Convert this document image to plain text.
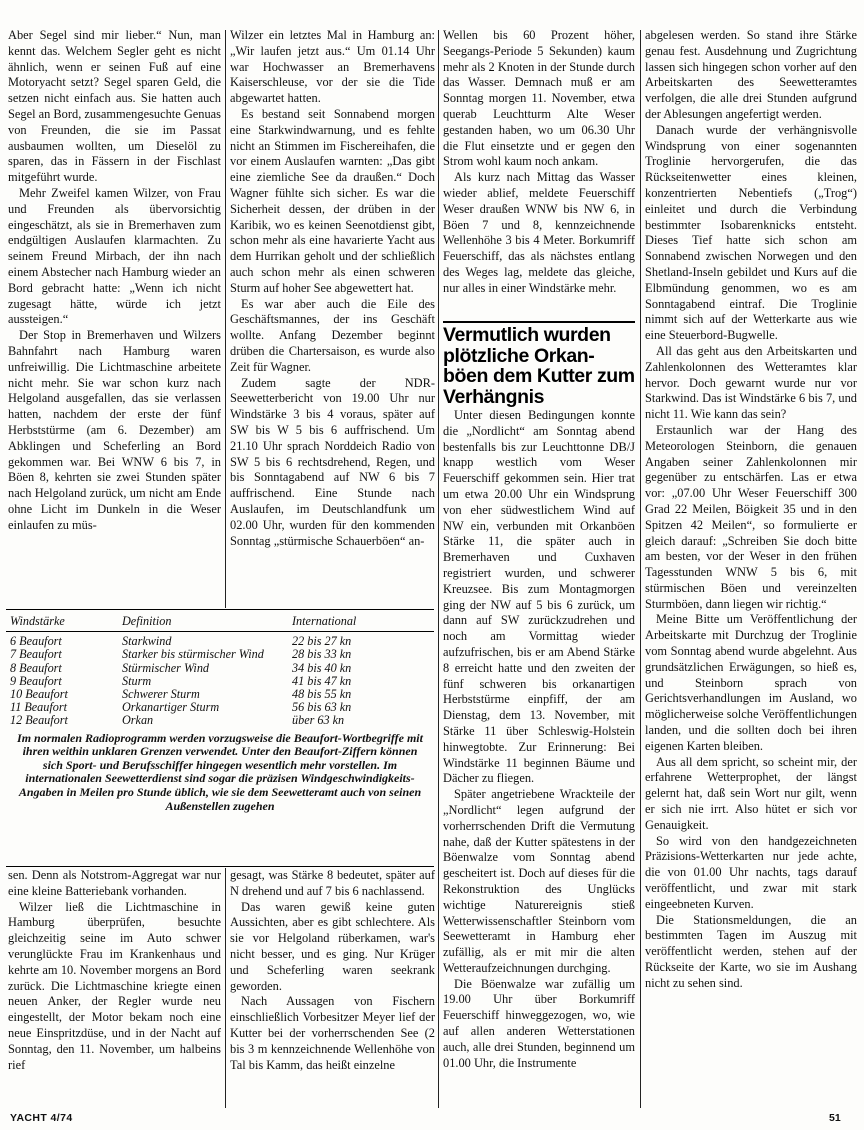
Aber Segel sind mir lieber.“ Nun, man kennt das. Welchem Segler geht es nicht ähnlich, wenn er seinen Fuß auf eine Motoryacht setzt? Segel sparen Geld, die setzen nicht einfach aus. Sie hatten auch Segel an Bord, zusammengesuchte Genuas von Freunden, die sie im Passat ausbaumen wollten, um Dieselöl zu sparen, das in Fässern in der Fischlast mitgeführt wurde.

Mehr Zweifel kamen Wilzer, von Frau und Freunden als übervorsichtig eingeschätzt, als sie in Bremerhaven zum endgültigen Auslaufen klarmachten. Zu seinem Freund Mirbach, der ihn nach einem Abstecher nach Hamburg wieder an Bord gebracht hatte: „Wenn ich nicht zugesagt hätte, würde ich jetzt aussteigen.“

Der Stop in Bremerhaven und Wilzers Bahnfahrt nach Hamburg waren unfreiwillig. Die Lichtmaschine arbeitete nicht mehr. Sie war schon kurz nach Helgoland ausgefallen, das sie verlassen hatten, nachdem der erste der fünf Herbststürme (am 6. Dezember) am Abklingen und Scheferling an Bord gekommen war. Bei WNW 6 bis 7, in Böen 8, kehrten sie zwei Stunden später nach Helgoland zurück, um nicht am Ende ohne Licht im Dunkeln in die Weser einlaufen zu müs-

Wilzer ein letztes Mal in Hamburg an: „Wir laufen jetzt aus.“ Um 01.14 Uhr war Hochwasser an Bremerhavens Kaiserschleuse, vor der sie die Tide abgewartet hatten.

Es bestand seit Sonnabend morgen eine Starkwindwarnung, und es fehlte nicht an Stimmen im Fischereihafen, die vor einem Auslaufen warnten: „Das gibt eine ziemliche See da draußen.“ Doch Wagner fühlte sich sicher. Es war die Sicherheit dessen, der drüben in der Karibik, wo es keinen Seenotdienst gibt, schon mehr als eine havarierte Yacht aus dem Hurrikan geholt und der schließlich auch schon mehr als einen schweren Sturm auf hoher See abgewettert hat.

Es war aber auch die Eile des Geschäftsmannes, der ins Geschäft wollte. Anfang Dezember beginnt drüben die Chartersaison, es wurde also Zeit für Wagner.

Zudem sagte der NDR-Seewetterbericht von 19.00 Uhr nur Windstärke 3 bis 4 voraus, später auf SW bis W 5 bis 6 auffrischend. Um 21.10 Uhr sprach Norddeich Radio von SW 5 bis 6 rechtsdrehend, Regen, und bis Sonntagabend auf NW 6 bis 7 auffrischend. Eine Stunde nach Auslaufen, im Deutschlandfunk um 02.00 Uhr, wurden für den kommenden Sonntag „stürmische Schauerböen“ an-

Wellen bis 60 Prozent höher, Seegangs-Periode 5 Sekunden) kaum mehr als 2 Knoten in der Stunde durch das Wasser. Demnach muß er am Sonntag morgen 11. November, etwa querab Leuchtturm Alte Weser gestanden haben, wo um 06.30 Uhr die Flut einsetzte und er gegen den Strom wohl kaum noch ankam.

Als kurz nach Mittag das Wasser wieder ablief, meldete Feuerschiff Weser draußen WNW bis NW 6, in Böen 7 und 8, kennzeichnende Wellenhöhe 3 bis 4 Meter. Borkumriff Feuerschiff, das als nächstes entlang des Weges lag, meldete das gleiche, nur alles in einer Windstärke mehr.

Vermutlich wurden plötzliche Orkan-böen dem Kutter zum Verhängnis

Unter diesen Bedingungen konnte die „Nordlicht“ am Sonntag abend bestenfalls bis zur Leuchttonne DB/J knapp westlich vom Weser Feuerschiff gekommen sein. Hier trat um etwa 20.00 Uhr ein Windsprung von eher südwestlichem Wind auf NW ein, verbunden mit Orkanböen Stärke 11, die später auch in Bremerhaven und Cuxhaven registriert wurden, und schwerer Kreuzsee. Bis zum Montagmorgen ging der NW auf 5 bis 6 zurück, um dann auf SW zurückzudrehen und noch am Vormittag wieder aufzufrischen, bis er am Abend Stärke 8 erreicht hatte und den zweiten der fünf schweren bis orkanartigen Herbststürme einpfiff, der am Dienstag, dem 13. November, mit Stärke 11 über Schleswig-Holstein hinwegtobte. Zur Erinnerung: Bei Windstärke 11 beginnen Bäume und Dächer zu fliegen.

Später angetriebene Wrackteile der „Nordlicht“ legen aufgrund der vorherrschenden Drift die Vermutung nahe, daß der Kutter spätestens in der Böenwalze vom Sonntag abend gescheitert ist. Doch auf dieses für die Rekonstruktion des Unglücks wichtige Naturereignis stieß Wetterwissenschaftler Steinborn vom Seewetteramt in Hamburg eher zufällig, als er mit mir die alten Wetteraufzeichnungen durchging.

Die Böenwalze war zufällig um 19.00 Uhr über Borkumriff Feuerschiff hinweggezogen, wo, wie auf allen anderen Wetterstationen auch, alle drei Stunden, beginnend um 01.00 Uhr, die Instrumente

abgelesen werden. So stand ihre Stärke genau fest. Ausdehnung und Zugrichtung lassen sich hingegen schon vorher auf den Arbeitskarten des Seewetteramtes verfolgen, die alle drei Stunden aufgrund der Ablesungen angefertigt werden.

Danach wurde der verhängnisvolle Windsprung von einer sogenannten Troglinie hervorgerufen, die das Rückseitenwetter eines kleinen, konzentrierten Nebentiefs („Trog“) einleitet und durch die Verbindung bestimmter Isobarenknicks entsteht. Dieses Tief hatte sich schon am Sonnabend zwischen Norwegen und den Shetland-Inseln gebildet und Kurs auf die Elbmündung genommen, wo es am Sonntagabend eintraf. Die Troglinie nimmt sich auf der Wetterkarte aus wie eine Steuerbord-Bugwelle.

All das geht aus den Arbeitskarten und Zahlenkolonnen des Wetteramtes klar hervor. Doch gewarnt wurde nur vor Starkwind. Das ist Windstärke 6 bis 7, und nicht 11. Wie kann das sein?

Erstaunlich war der Hang des Meteorologen Steinborn, die genauen Angaben seiner Zahlenkolonnen mir gegenüber zu entschärfen. Las er etwa vor: „07.00 Uhr Weser Feuerschiff 300 Grad 22 Meilen, Böigkeit 35 und in den Spitzen 42 Meilen“, so formulierte er gleich darauf: „Schreiben Sie doch bitte am besten, vor der Weser in den frühen Tagesstunden WNW 5 bis 6, mit stürmischen Böen und vereinzelten Sturmböen, dann liegen wir richtig.“

Meine Bitte um Veröffentlichung der Arbeitskarte mit Durchzug der Troglinie vom Sonntag abend wurde abgelehnt. Aus grundsätzlichen Erwägungen, so hieß es, und Steinborn sprach von Gerichtsverhandlungen im Ausland, wo möglicherweise solche Veröffentlichungen landen, und die sollten doch bei ihren eigenen Karten bleiben.

Aus all dem spricht, so scheint mir, der erfahrene Wetterprophet, der längst gelernt hat, daß sein Wort nur gilt, wenn er sich nie irrt. Also hütet er sich vor Genauigkeit.

So wird von den handgezeichneten Präzisions-Wetterkarten nur jede achte, die von 01.00 Uhr nachts, tags darauf veröffentlicht, und zwar mit stark eingeebneten Kurven.

Die Stationsmeldungen, die an bestimmten Tagen im Auszug mit veröffentlicht werden, stehen auf der Rückseite der Karte, wo sie im Aushang nicht zu sehen sind.

Windstärke	Definition	International
6 Beaufort	Starkwind	22 bis 27 kn
7 Beaufort	Starker bis stürmischer Wind	28 bis 33 kn
8 Beaufort	Stürmischer Wind	34 bis 40 kn
9 Beaufort	Sturm	41 bis 47 kn
10 Beaufort	Schwerer Sturm	48 bis 55 kn
11 Beaufort	Orkanartiger Sturm	56 bis 63 kn
12 Beaufort	Orkan	über 63 kn
Im normalen Radioprogramm werden vorzugsweise die Beaufort-Wortbegriffe mit ihren weithin unklaren Grenzen verwendet. Unter den Beaufort-Ziffern können sich Sport- und Berufsschiffer hingegen wesentlich mehr vorstellen. Im internationalen Seewetterdienst sind sogar die präzisen Windgeschwindigkeits-Angaben in Meilen pro Stunde üblich, wie sie dem Seewetteramt auch von seinen Außenstellen zugehen

sen. Denn als Notstrom-Aggregat war nur eine kleine Batteriebank vorhanden.

Wilzer ließ die Lichtmaschine in Hamburg überprüfen, besuchte gleichzeitig seine im Auto schwer verunglückte Frau im Krankenhaus und kehrte am 10. November morgens an Bord zurück. Die Lichtmaschine kriegte einen neuen Anker, der Regler wurde neu eingestellt, der Motor bekam noch eine neue Einspritzdüse, und in der Nacht auf Sonntag, den 11. November, um halbeins rief

gesagt, was Stärke 8 bedeutet, später auf N drehend und auf 7 bis 6 nachlassend.

Das waren gewiß keine guten Aussichten, aber es gibt schlechtere. Als sie vor Helgoland rüberkamen, war's nicht besser, und es ging. Nur Krüger und Scheferling waren seekrank geworden.

Nach Aussagen von Fischern einschließlich Vorbesitzer Meyer lief der Kutter bei der vorherrschenden See (2 bis 3 m kennzeichnende Wellenhöhe von Tal bis Kamm, das heißt einzelne

YACHT 4/74	51
